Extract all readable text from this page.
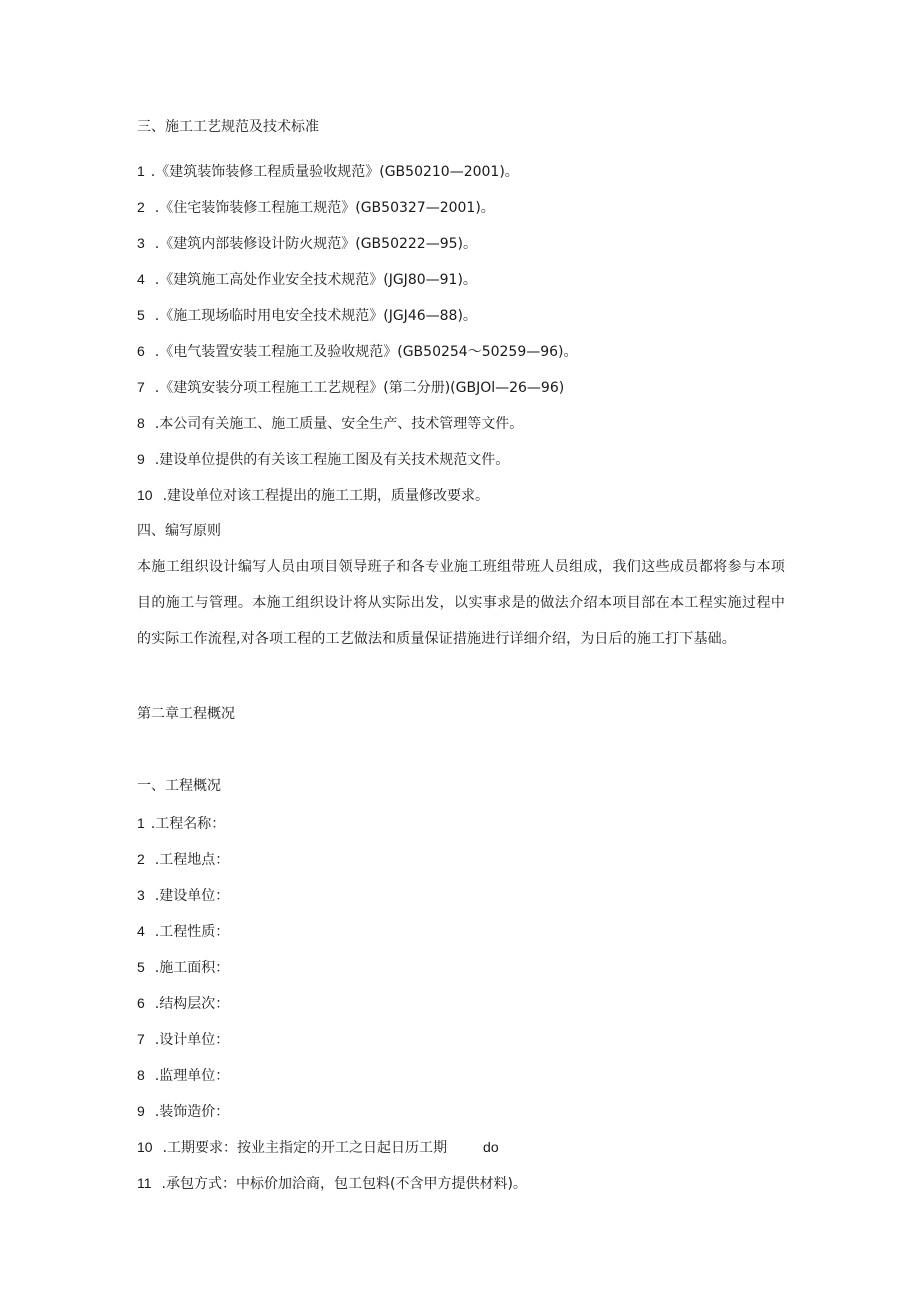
三、施工工艺规范及技术标准
1 .《建筑装饰装修工程质量验收规范》(GB50210—2001)。
2 .《住宅装饰装修工程施工规范》(GB50327—2001)。
3 .《建筑内部装修设计防火规范》(GB50222—95)。
4 .《建筑施工高处作业安全技术规范》(JGJ80—91)。
5 .《施工现场临时用电安全技术规范》(JGJ46—88)。
6 .《电气装置安装工程施工及验收规范》(GB50254～50259—96)。
7 .《建筑安装分项工程施工工艺规程》(第二分册)(GBJOl—26—96)
8 .本公司有关施工、施工质量、安全生产、技术管理等文件。
9 .建设单位提供的有关该工程施工图及有关技术规范文件。
10 .建设单位对该工程提出的施工工期，质量修改要求。
四、编写原则
本施工组织设计编写人员由项目领导班子和各专业施工班组带班人员组成，我们这些成员都将参与本项目的施工与管理。本施工组织设计将从实际出发，以实事求是的做法介绍本项目部在本工程实施过程中的实际工作流程,对各项工程的工艺做法和质量保证措施进行详细介绍，为日后的施工打下基础。
第二章工程概况
一、工程概况
1 .工程名称：
2 .工程地点：
3 .建设单位：
4 .工程性质：
5 .施工面积：
6 .结构层次：
7 .设计单位：
8 .监理单位：
9 .装饰造价：
10 .工期要求：按业主指定的开工之日起日历工期	do
11 .承包方式：中标价加洽商，包工包料(不含甲方提供材料)。
